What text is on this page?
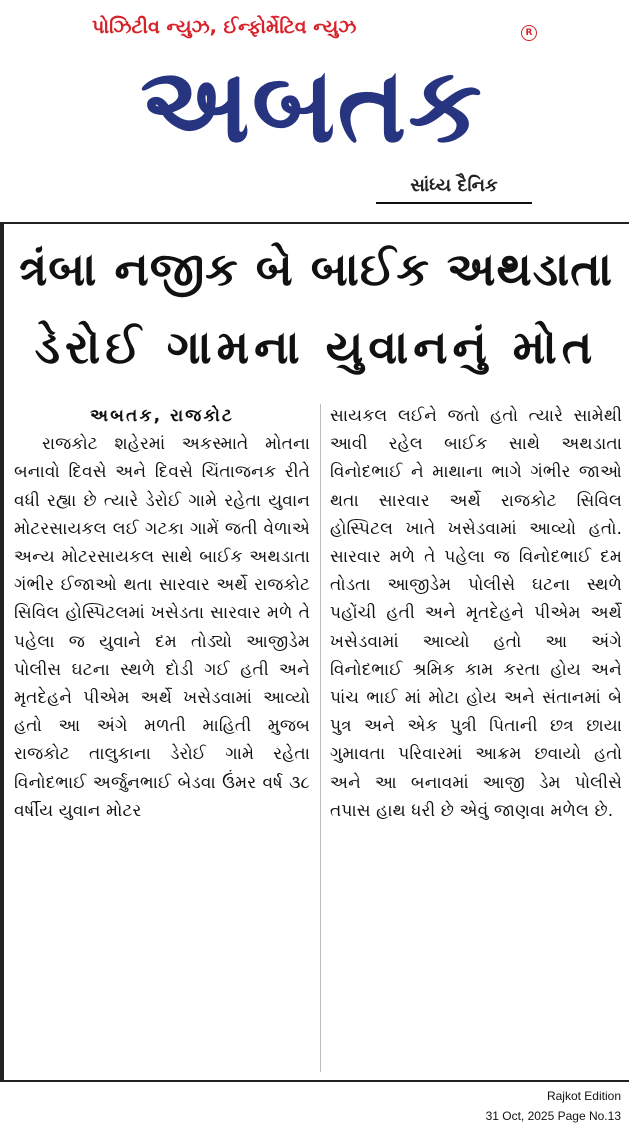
પોઝિટીવ ન્યુઝ, ઈન્ફોર્મેટિવ ન્યુઝ	R
અબતક
સાંધ્ય દૈનિક
ત્રંબા નજીક બે બાઈક અથડાતા
ડેરોઈ ગામના યુવાનનું મોત
અબતક, રાજકોટ

રાજકોટ શહેરમાં અકસ્માતે મોતના બનાવો દિવસે અને દિવસે ચિંતાજનક રીતે વધી રહ્યા છે ત્યારે ડેરોઈ ગામે રહેતા યુવાન મોટરસાયકલ લઈ ગટકા ગામેં જતી વેળાએ અન્ય મોટરસાયકલ સાથે બાઈક અથડાતા ગંભીર ઈજાઓ થતા સારવાર અર્થે રાજકોટ સિવિલ હોસ્પિટલમાં ખસેડતા સારવાર મળે તે પહેલા જ યુવાને દમ તોડ્યો આજીડેમ પોલીસ ઘટના સ્થળે દોડી ગઈ હતી અને મૃતદેહને પીએમ અર્થે ખસેડવામાં આવ્યો હતો આ અંગે મળતી માહિતી મુજબ રાજકોટ તાલુકાના ડેરોઈ ગામે રહેતા વિનોદભાઈ અર્જુનભાઈ બેડવા ઉંમર વર્ષ ૩૮ વર્ષીય યુવાન મોટર

સાયકલ લઈને જતો હતો ત્યારે સામેથી આવી રહેલ બાઈક સાથે અથડાતા વિનોદભાઈ ને માથાના ભાગે ગંભીર જાઓ થતા સારવાર અર્થે રાજકોટ સિવિલ હોસ્પિટલ ખાતે ખસેડવામાં આવ્યો હતો. સારવાર મળે તે પહેલા જ વિનોદભાઈ દમ તોડતા આજીડેમ પોલીસે ઘટના સ્થળે પહોંચી હતી અને મૃતદેહને પીએમ અર્થે ખસેડવામાં આવ્યો હતો આ અંગે વિનોદભાઈ શ્રમિક કામ કરતા હોય અને પાંચ ભાઈ માં મોટા હોય અને સંતાનમાં બે પુત્ર અને એક પુત્રી પિતાની છત્ર છાયા ગુમાવતા પરિવારમાં આક્રમ છવાયો હતો અને આ બનાવમાં આજી ડેમ પોલીસે તપાસ હાથ ધરી છે એવું જાણવા મળેલ છે.

Rajkot Edition
31 Oct, 2025 Page No.13
